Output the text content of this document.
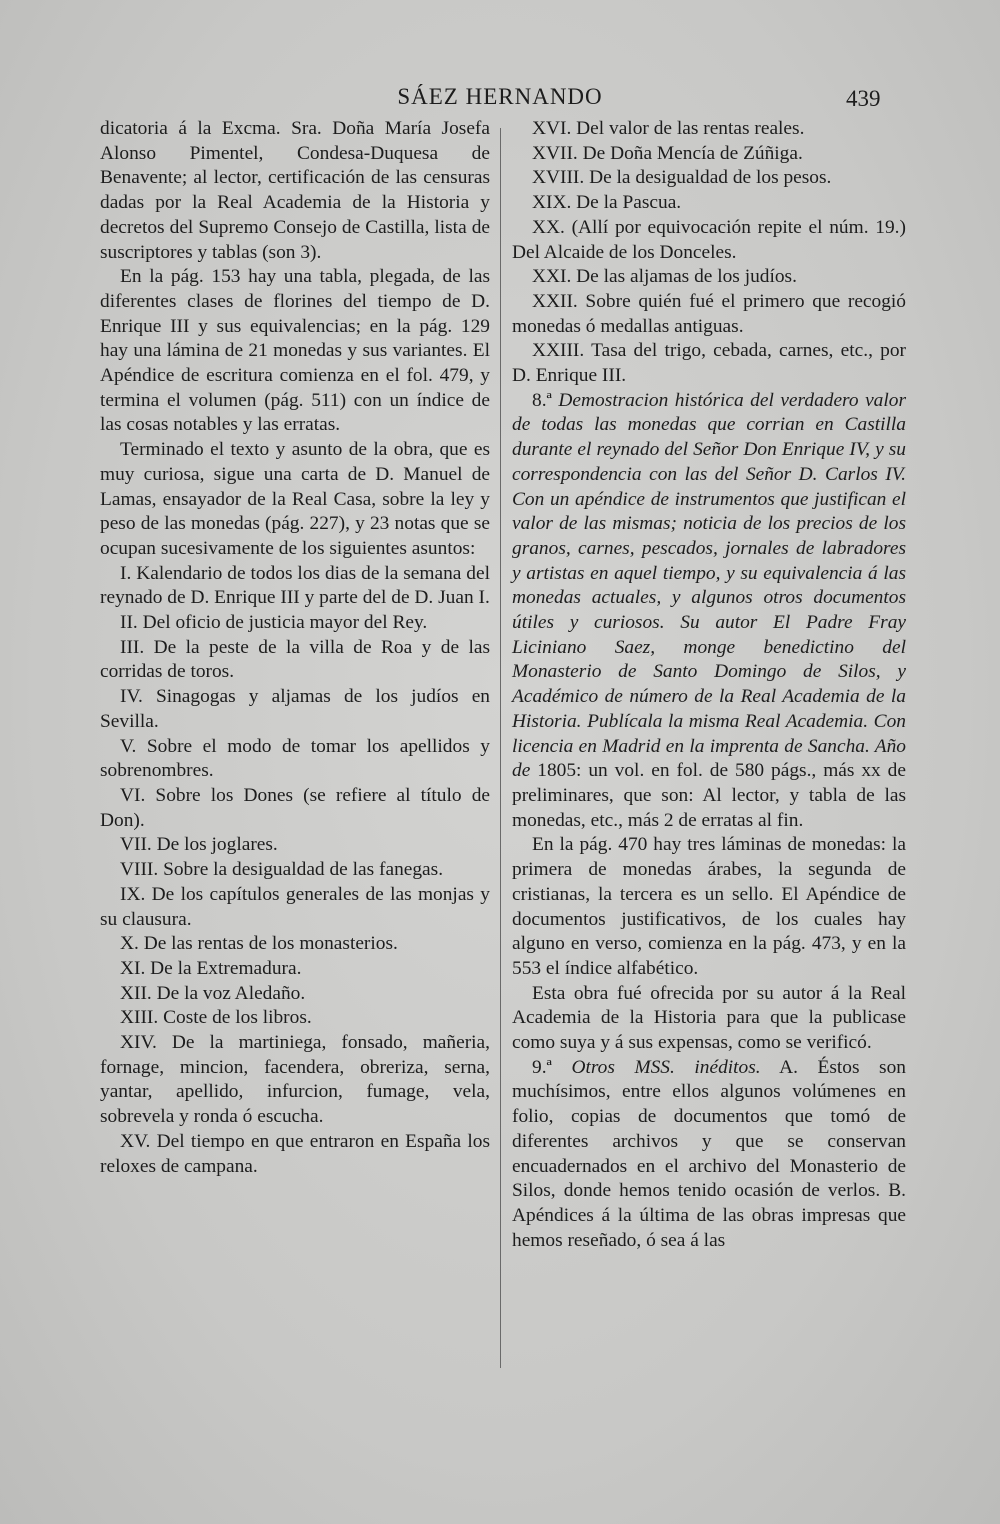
SÁEZ HERNANDO	439

dicatoria á la Excma. Sra. Doña María Josefa Alonso Pimentel, Condesa-Duquesa de Benavente; al lector, certificación de las censuras dadas por la Real Academia de la Historia y decretos del Supremo Consejo de Castilla, lista de suscriptores y tablas (son 3).

En la pág. 153 hay una tabla, plegada, de las diferentes clases de florines del tiempo de D. Enrique III y sus equivalencias; en la pág. 129 hay una lámina de 21 monedas y sus variantes. El Apéndice de escritura comienza en el fol. 479, y termina el volumen (pág. 511) con un índice de las cosas notables y las erratas.

Terminado el texto y asunto de la obra, que es muy curiosa, sigue una carta de D. Manuel de Lamas, ensayador de la Real Casa, sobre la ley y peso de las monedas (pág. 227), y 23 notas que se ocupan sucesivamente de los siguientes asuntos:

I. Kalendario de todos los dias de la semana del reynado de D. Enrique III y parte del de D. Juan I.

II. Del oficio de justicia mayor del Rey.

III. De la peste de la villa de Roa y de las corridas de toros.

IV. Sinagogas y aljamas de los judíos en Sevilla.

V. Sobre el modo de tomar los apellidos y sobrenombres.

VI. Sobre los Dones (se refiere al título de Don).

VII. De los joglares.

VIII. Sobre la desigualdad de las fanegas.

IX. De los capítulos generales de las monjas y su clausura.

X. De las rentas de los monasterios.

XI. De la Extremadura.

XII. De la voz Aledaño.

XIII. Coste de los libros.

XIV. De la martiniega, fonsado, mañeria, fornage, mincion, facendera, obreriza, serna, yantar, apellido, infurcion, fumage, vela, sobrevela y ronda ó escucha.

XV. Del tiempo en que entraron en España los reloxes de campana.

XVI. Del valor de las rentas reales.

XVII. De Doña Mencía de Zúñiga.

XVIII. De la desigualdad de los pesos.

XIX. De la Pascua.

XX. (Allí por equivocación repite el núm. 19.) Del Alcaide de los Donceles.

XXI. De las aljamas de los judíos.

XXII. Sobre quién fué el primero que recogió monedas ó medallas antiguas.

XXIII. Tasa del trigo, cebada, carnes, etc., por D. Enrique III.

8.ª Demostracion histórica del verdadero valor de todas las monedas que corrian en Castilla durante el reynado del Señor Don Enrique IV, y su correspondencia con las del Señor D. Carlos IV. Con un apéndice de instrumentos que justifican el valor de las mismas; noticia de los precios de los granos, carnes, pescados, jornales de labradores y artistas en aquel tiempo, y su equivalencia á las monedas actuales, y algunos otros documentos útiles y curiosos. Su autor El Padre Fray Liciniano Saez, monge benedictino del Monasterio de Santo Domingo de Silos, y Académico de número de la Real Academia de la Historia. Publícala la misma Real Academia. Con licencia en Madrid en la imprenta de Sancha. Año de 1805: un vol. en fol. de 580 págs., más xx de preliminares, que son: Al lector, y tabla de las monedas, etc., más 2 de erratas al fin.

En la pág. 470 hay tres láminas de monedas: la primera de monedas árabes, la segunda de cristianas, la tercera es un sello. El Apéndice de documentos justificativos, de los cuales hay alguno en verso, comienza en la pág. 473, y en la 553 el índice alfabético.

Esta obra fué ofrecida por su autor á la Real Academia de la Historia para que la publicase como suya y á sus expensas, como se verificó.

9.ª Otros MSS. inéditos. A. Éstos son muchísimos, entre ellos algunos volúmenes en folio, copias de documentos que tomó de diferentes archivos y que se conservan encuadernados en el archivo del Monasterio de Silos, donde hemos tenido ocasión de verlos. B. Apéndices á la última de las obras impresas que hemos reseñado, ó sea á las
